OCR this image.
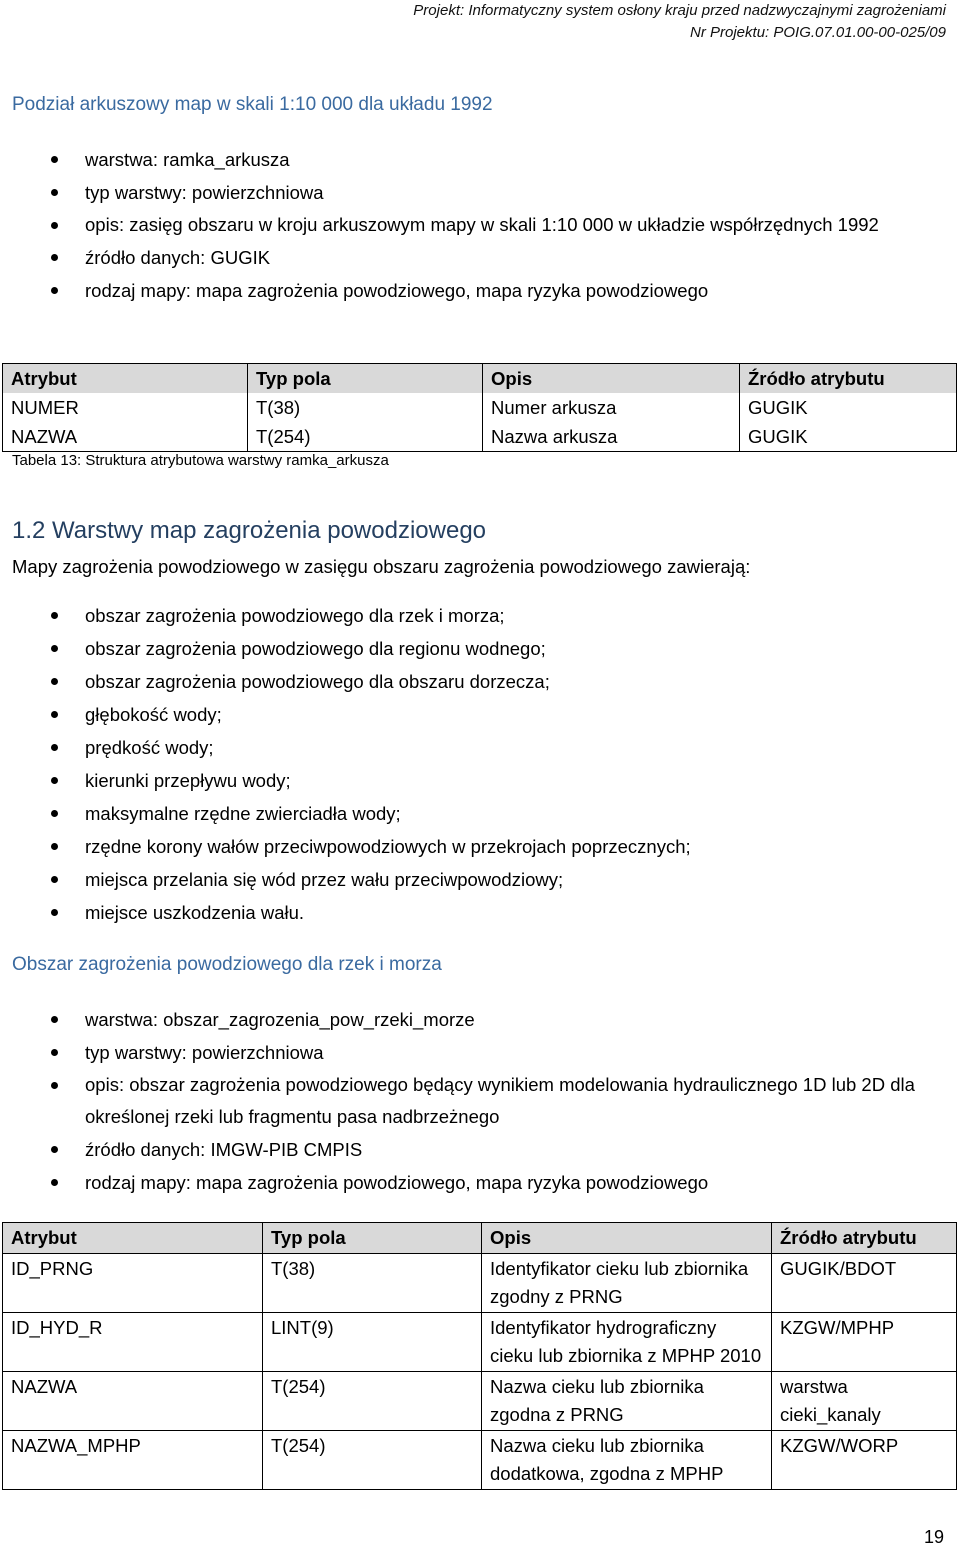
Projekt: Informatyczny system osłony kraju przed nadzwyczajnymi zagrożeniami
Nr Projektu: POIG.07.01.00-00-025/09
Podział arkuszowy map w skali 1:10 000 dla układu 1992
warstwa: ramka_arkusza
typ warstwy: powierzchniowa
opis: zasięg obszaru w kroju arkuszowym mapy w skali 1:10 000 w układzie współrzędnych 1992
źródło danych: GUGIK
rodzaj mapy: mapa zagrożenia powodziowego, mapa ryzyka powodziowego
Atrybut	Typ pola	Opis	Źródło atrybutu
NUMER	T(38)	Numer arkusza	GUGIK
NAZWA	T(254)	Nazwa arkusza	GUGIK
Tabela 13: Struktura atrybutowa warstwy ramka_arkusza
1.2 Warstwy map zagrożenia powodziowego
Mapy zagrożenia powodziowego w zasięgu obszaru zagrożenia powodziowego zawierają:
obszar zagrożenia powodziowego dla rzek i morza;
obszar zagrożenia powodziowego dla regionu wodnego;
obszar zagrożenia powodziowego dla obszaru dorzecza;
głębokość wody;
prędkość wody;
kierunki przepływu wody;
maksymalne rzędne zwierciadła wody;
rzędne korony wałów przeciwpowodziowych w przekrojach poprzecznych;
miejsca przelania się wód przez wału przeciwpowodziowy;
miejsce uszkodzenia wału.
Obszar zagrożenia powodziowego dla rzek i morza
warstwa: obszar_zagrozenia_pow_rzeki_morze
typ warstwy: powierzchniowa
opis: obszar zagrożenia powodziowego będący wynikiem modelowania hydraulicznego 1D lub 2D dla określonej rzeki lub fragmentu pasa nadbrzeżnego
źródło danych: IMGW-PIB CMPIS
rodzaj mapy: mapa zagrożenia powodziowego, mapa ryzyka powodziowego
Atrybut	Typ pola	Opis	Źródło atrybutu
ID_PRNG	T(38)	Identyfikator cieku lub zbiornika zgodny z PRNG	GUGIK/BDOT
ID_HYD_R	LINT(9)	Identyfikator hydrograficzny cieku lub zbiornika z MPHP 2010	KZGW/MPHP
NAZWA	T(254)	Nazwa cieku lub zbiornika zgodna z PRNG	warstwa cieki_kanaly
NAZWA_MPHP	T(254)	Nazwa cieku lub zbiornika dodatkowa, zgodna z MPHP	KZGW/WORP
19
